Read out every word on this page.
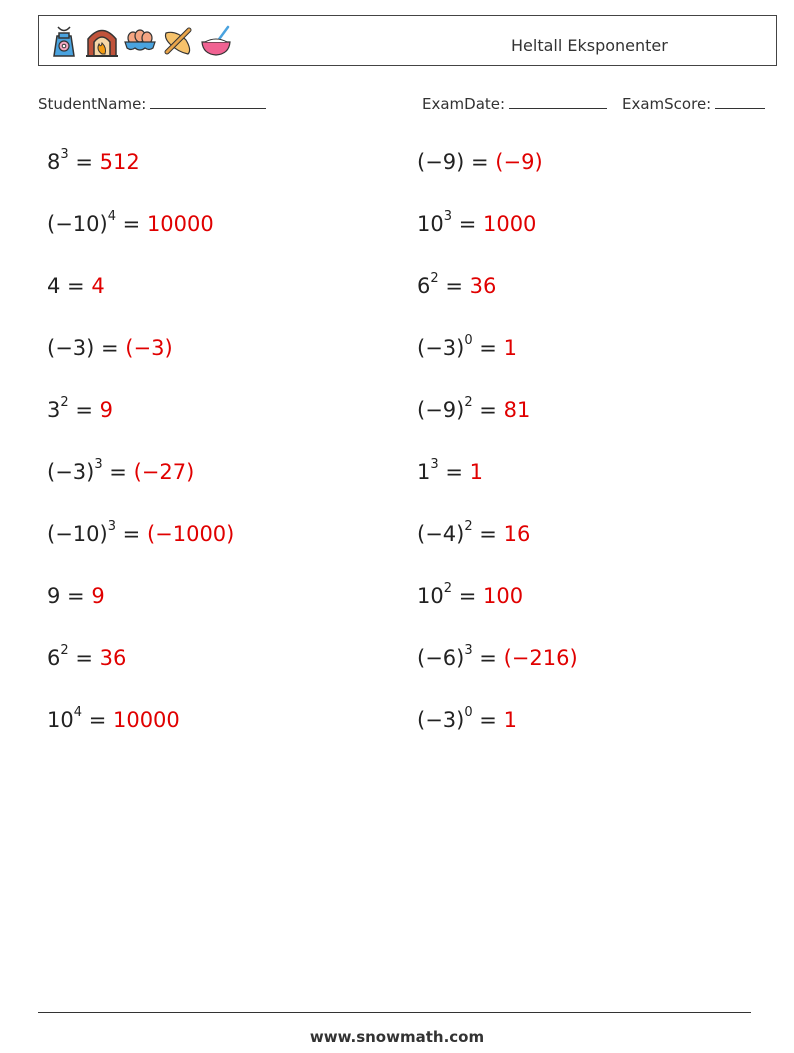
Heltall Eksponenter
StudentName:	ExamDate:	ExamScore:
$8^3 = 512$	(−9) = (−9)
$(-10)^4 = 10000$	$10^3 = 1000$
4 = 4	$6^2 = 36$
(−3) = (−3)	$(-3)^0 = 1$
$3^2 = 9$	$(-9)^2 = 81$
$(-3)^3 = (-27)$	$1^3 = 1$
$(-10)^3 = (-1000)$	$(-4)^2 = 16$
9 = 9	$10^2 = 100$
$6^2 = 36$	$(-6)^3 = (-216)$
$10^4 = 10000$	$(-3)^0 = 1$
www.snowmath.com
